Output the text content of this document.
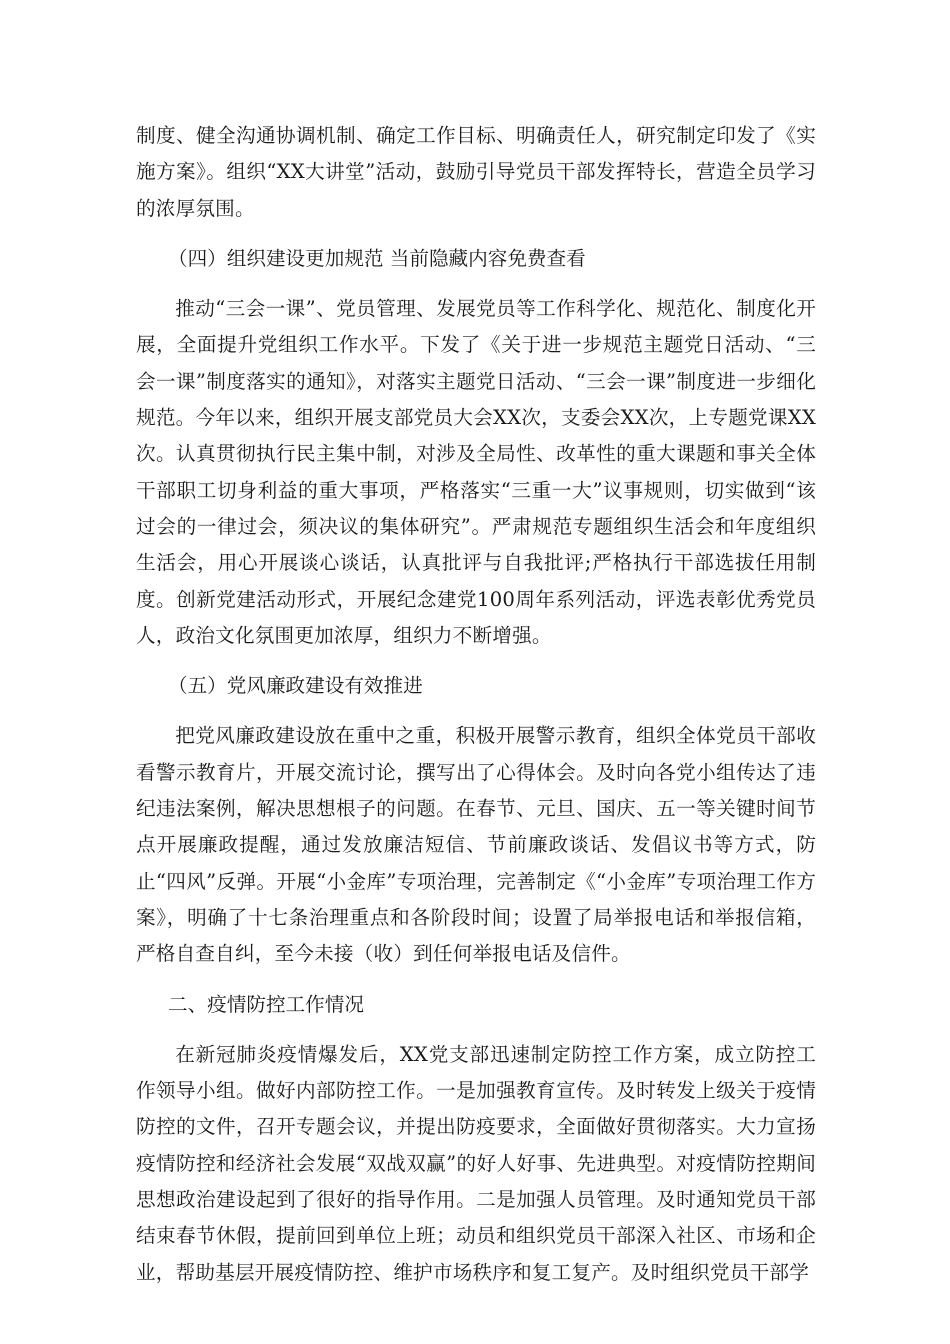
制度、健全沟通协调机制、确定工作目标、明确责任人，研究制定印发了《实施方案》。组织“XX大讲堂”活动，鼓励引导党员干部发挥特长，营造全员学习的浓厚氛围。

（四）组织建设更加规范 当前隐藏内容免费查看

推动“三会一课”、党员管理、发展党员等工作科学化、规范化、制度化开展，全面提升党组织工作水平。下发了《关于进一步规范主题党日活动、“三会一课”制度落实的通知》，对落实主题党日活动、“三会一课”制度进一步细化规范。今年以来，组织开展支部党员大会XX次，支委会XX次，上专题党课XX次。认真贯彻执行民主集中制，对涉及全局性、改革性的重大课题和事关全体干部职工切身利益的重大事项，严格落实“三重一大”议事规则，切实做到“该过会的一律过会，须决议的集体研究”。严肃规范专题组织生活会和年度组织生活会，用心开展谈心谈话，认真批评与自我批评;严格执行干部选拔任用制度。创新党建活动形式，开展纪念建党100周年系列活动，评选表彰优秀党员人，政治文化氛围更加浓厚，组织力不断增强。

（五）党风廉政建设有效推进

把党风廉政建设放在重中之重，积极开展警示教育，组织全体党员干部收看警示教育片，开展交流讨论，撰写出了心得体会。及时向各党小组传达了违纪违法案例，解决思想根子的问题。在春节、元旦、国庆、五一等关键时间节点开展廉政提醒，通过发放廉洁短信、节前廉政谈话、发倡议书等方式，防止“四风”反弹。开展“小金库”专项治理，完善制定《“小金库”专项治理工作方案》，明确了十七条治理重点和各阶段时间；设置了局举报电话和举报信箱，严格自查自纠，至今未接（收）到任何举报电话及信件。

二、疫情防控工作情况

在新冠肺炎疫情爆发后，XX党支部迅速制定防控工作方案，成立防控工作领导小组。做好内部防控工作。一是加强教育宣传。及时转发上级关于疫情防控的文件，召开专题会议，并提出防疫要求，全面做好贯彻落实。大力宣扬疫情防控和经济社会发展“双战双赢”的好人好事、先进典型。对疫情防控期间思想政治建设起到了很好的指导作用。二是加强人员管理。及时通知党员干部结束春节休假，提前回到单位上班；动员和组织党员干部深入社区、市场和企业，帮助基层开展疫情防控、维护市场秩序和复工复产。及时组织党员干部学
